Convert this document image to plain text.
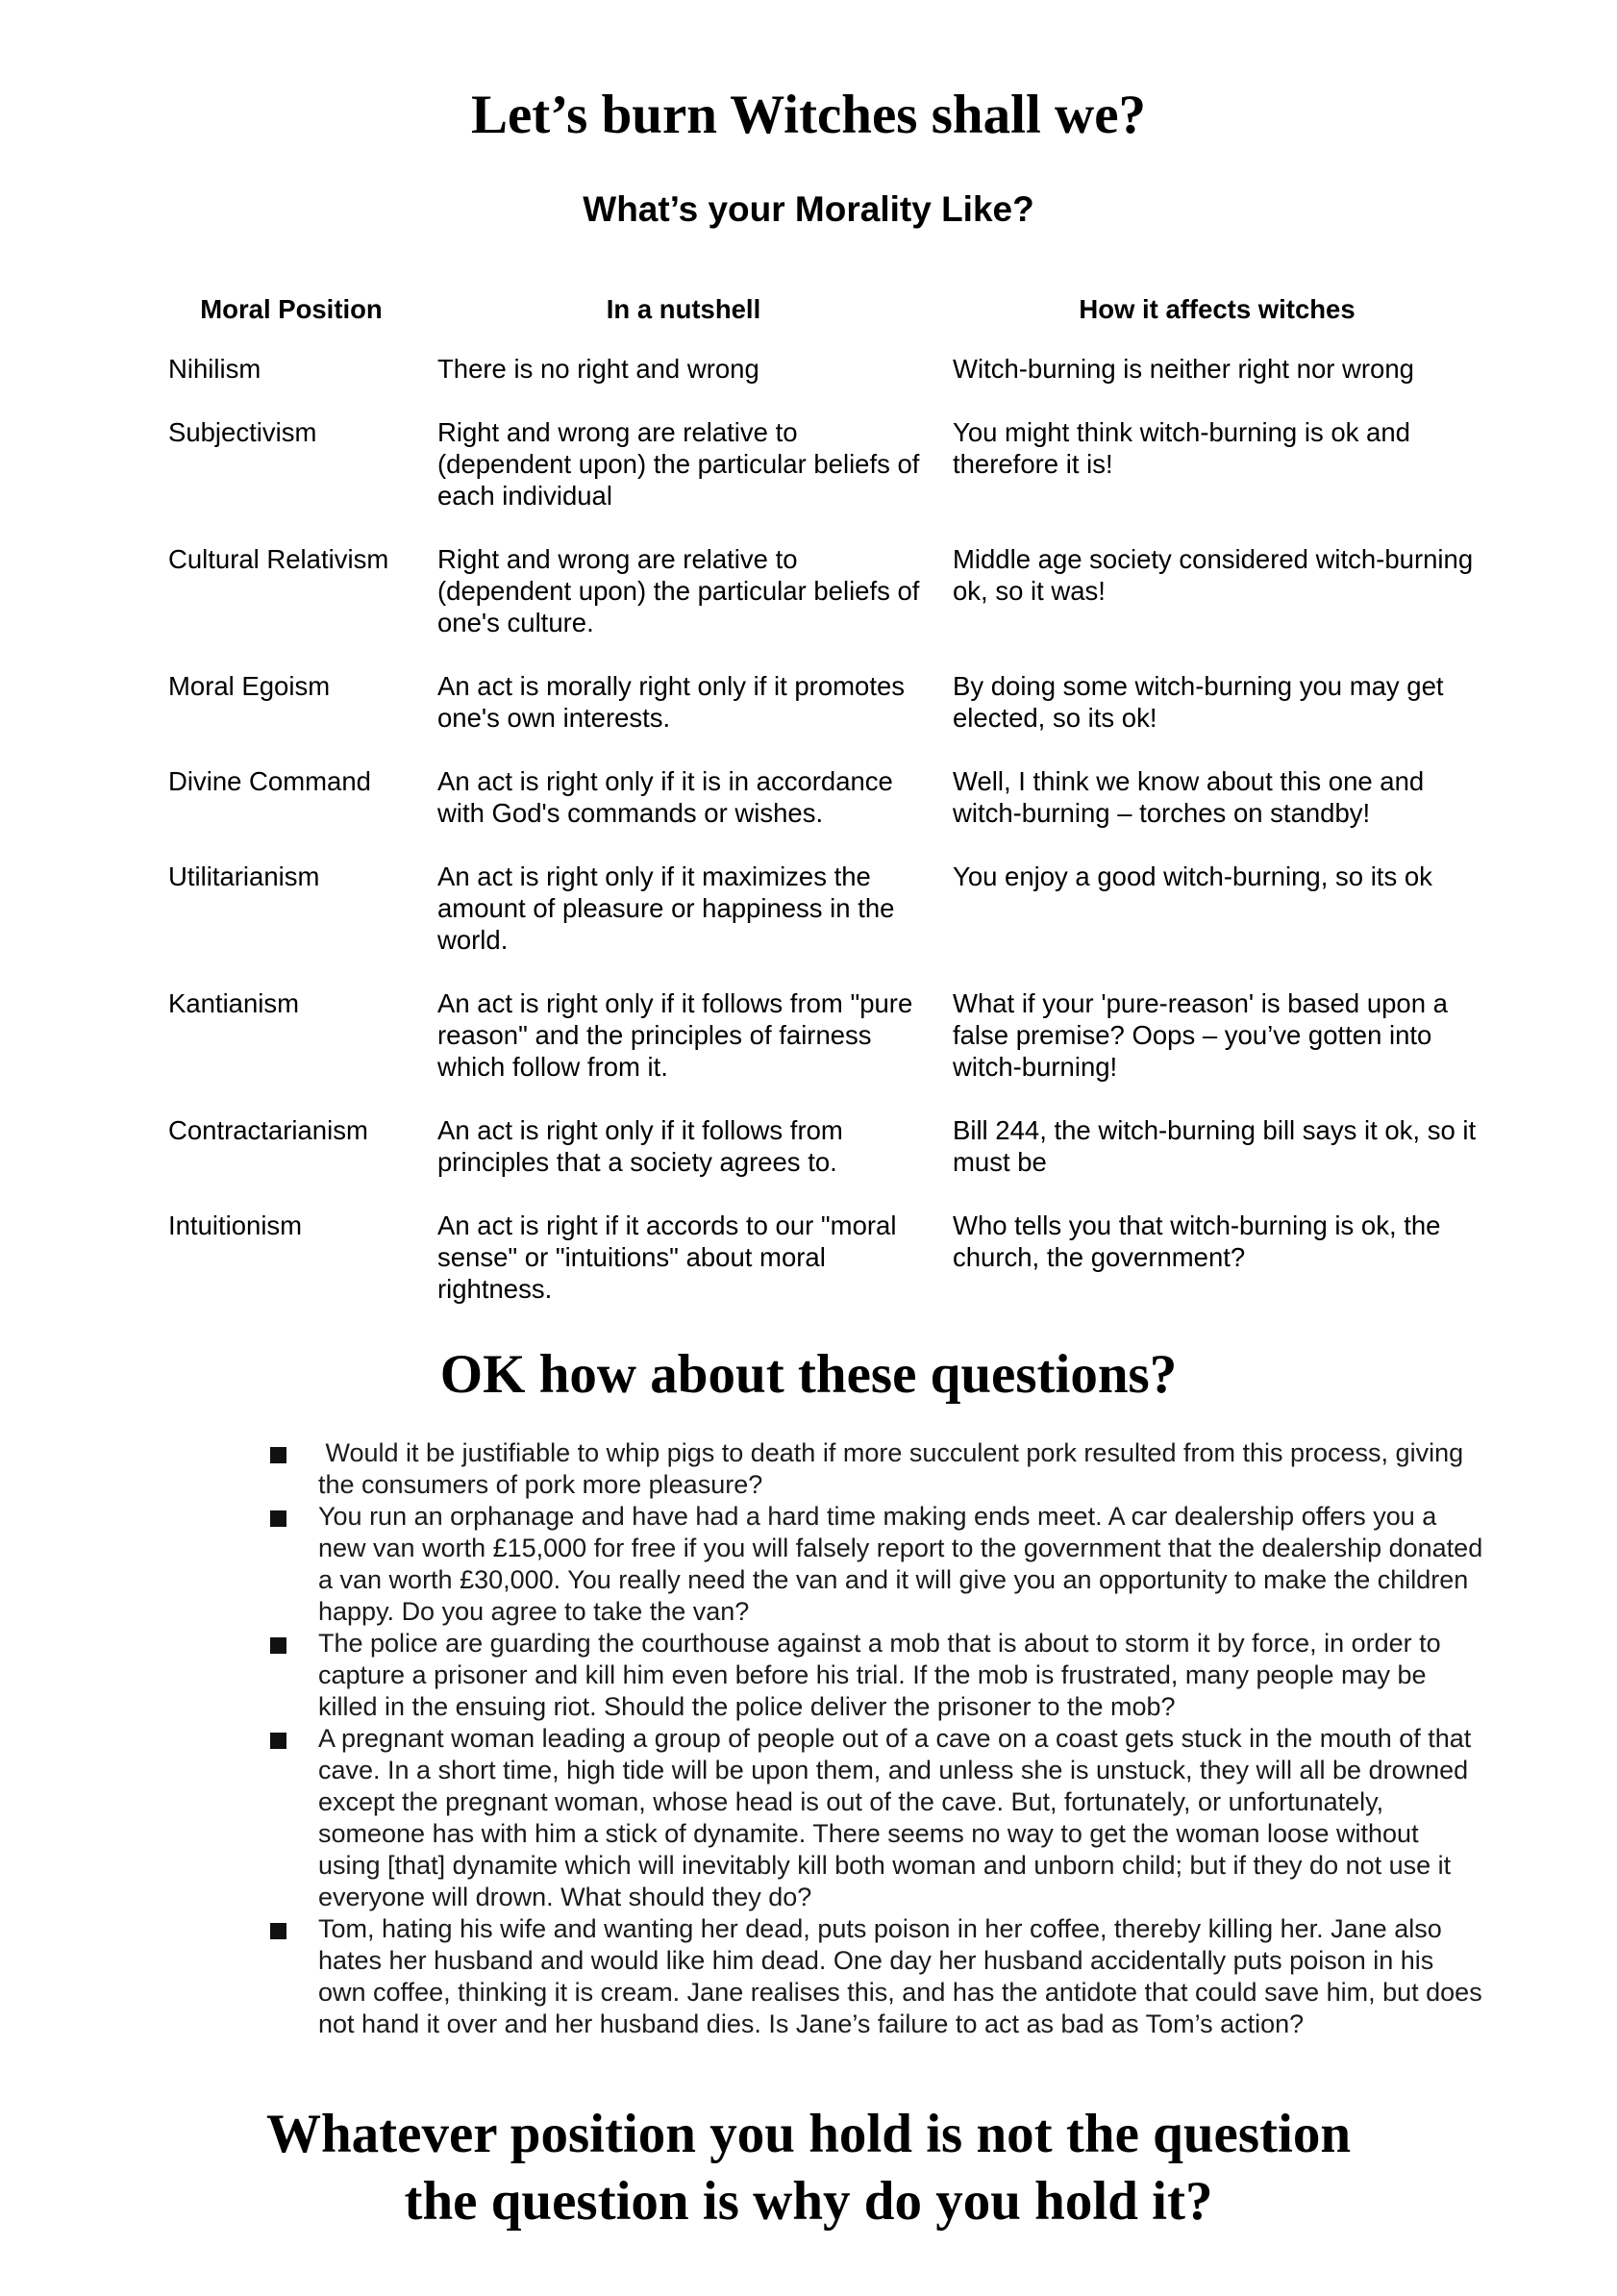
Let’s burn Witches shall we?
What’s your Morality Like?
Moral Position	In a nutshell	How it affects witches
Nihilism	There is no right and wrong	Witch-burning is neither right nor wrong
Subjectivism	Right and wrong are relative to (dependent upon) the particular beliefs of each individual	You might think witch-burning is ok and therefore it is!
Cultural Relativism	Right and wrong are relative to (dependent upon) the particular beliefs of one's culture.	Middle age society considered witch-burning ok, so it was!
Moral Egoism	An act is morally right only if it promotes one's own interests.	By doing some witch-burning you may get elected, so its ok!
Divine Command	An act is right only if it is in accordance with God's commands or wishes.	Well, I think we know about this one and witch-burning – torches on standby!
Utilitarianism	An act is right only if it maximizes the amount of pleasure or happiness in the world.	You enjoy a good witch-burning, so its ok
Kantianism	An act is right only if it follows from "pure reason" and the principles of fairness which follow from it.	What if your 'pure-reason' is based upon a false premise? Oops – you’ve gotten into witch-burning!
Contractarianism	An act is right only if it follows from principles that a society agrees to.	Bill 244, the witch-burning bill says it ok, so it must be
Intuitionism	An act is right if it accords to our "moral sense" or "intuitions" about moral rightness.	Who tells you that witch-burning is ok, the church, the government?
OK how about these questions?
Would it be justifiable to whip pigs to death if more succulent pork resulted from this process, giving the consumers of pork more pleasure?
You run an orphanage and have had a hard time making ends meet. A car dealership offers you a new van worth £15,000 for free if you will falsely report to the government that the dealership donated a van worth £30,000. You really need the van and it will give you an opportunity to make the children happy. Do you agree to take the van?
The police are guarding the courthouse against a mob that is about to storm it by force, in order to capture a prisoner and kill him even before his trial. If the mob is frustrated, many people may be killed in the ensuing riot. Should the police deliver the prisoner to the mob?
A pregnant woman leading a group of people out of a cave on a coast gets stuck in the mouth of that cave. In a short time, high tide will be upon them, and unless she is unstuck, they will all be drowned except the pregnant woman, whose head is out of the cave. But, fortunately, or unfortunately, someone has with him a stick of dynamite. There seems no way to get the woman loose without using [that] dynamite which will inevitably kill both woman and unborn child; but if they do not use it everyone will drown. What should they do?
Tom, hating his wife and wanting her dead, puts poison in her coffee, thereby killing her. Jane also hates her husband and would like him dead. One day her husband accidentally puts poison in his own coffee, thinking it is cream. Jane realises this, and has the antidote that could save him, but does not hand it over and her husband dies. Is Jane’s failure to act as bad as Tom’s action?
Whatever position you hold is not the question
the question is why do you hold it?
